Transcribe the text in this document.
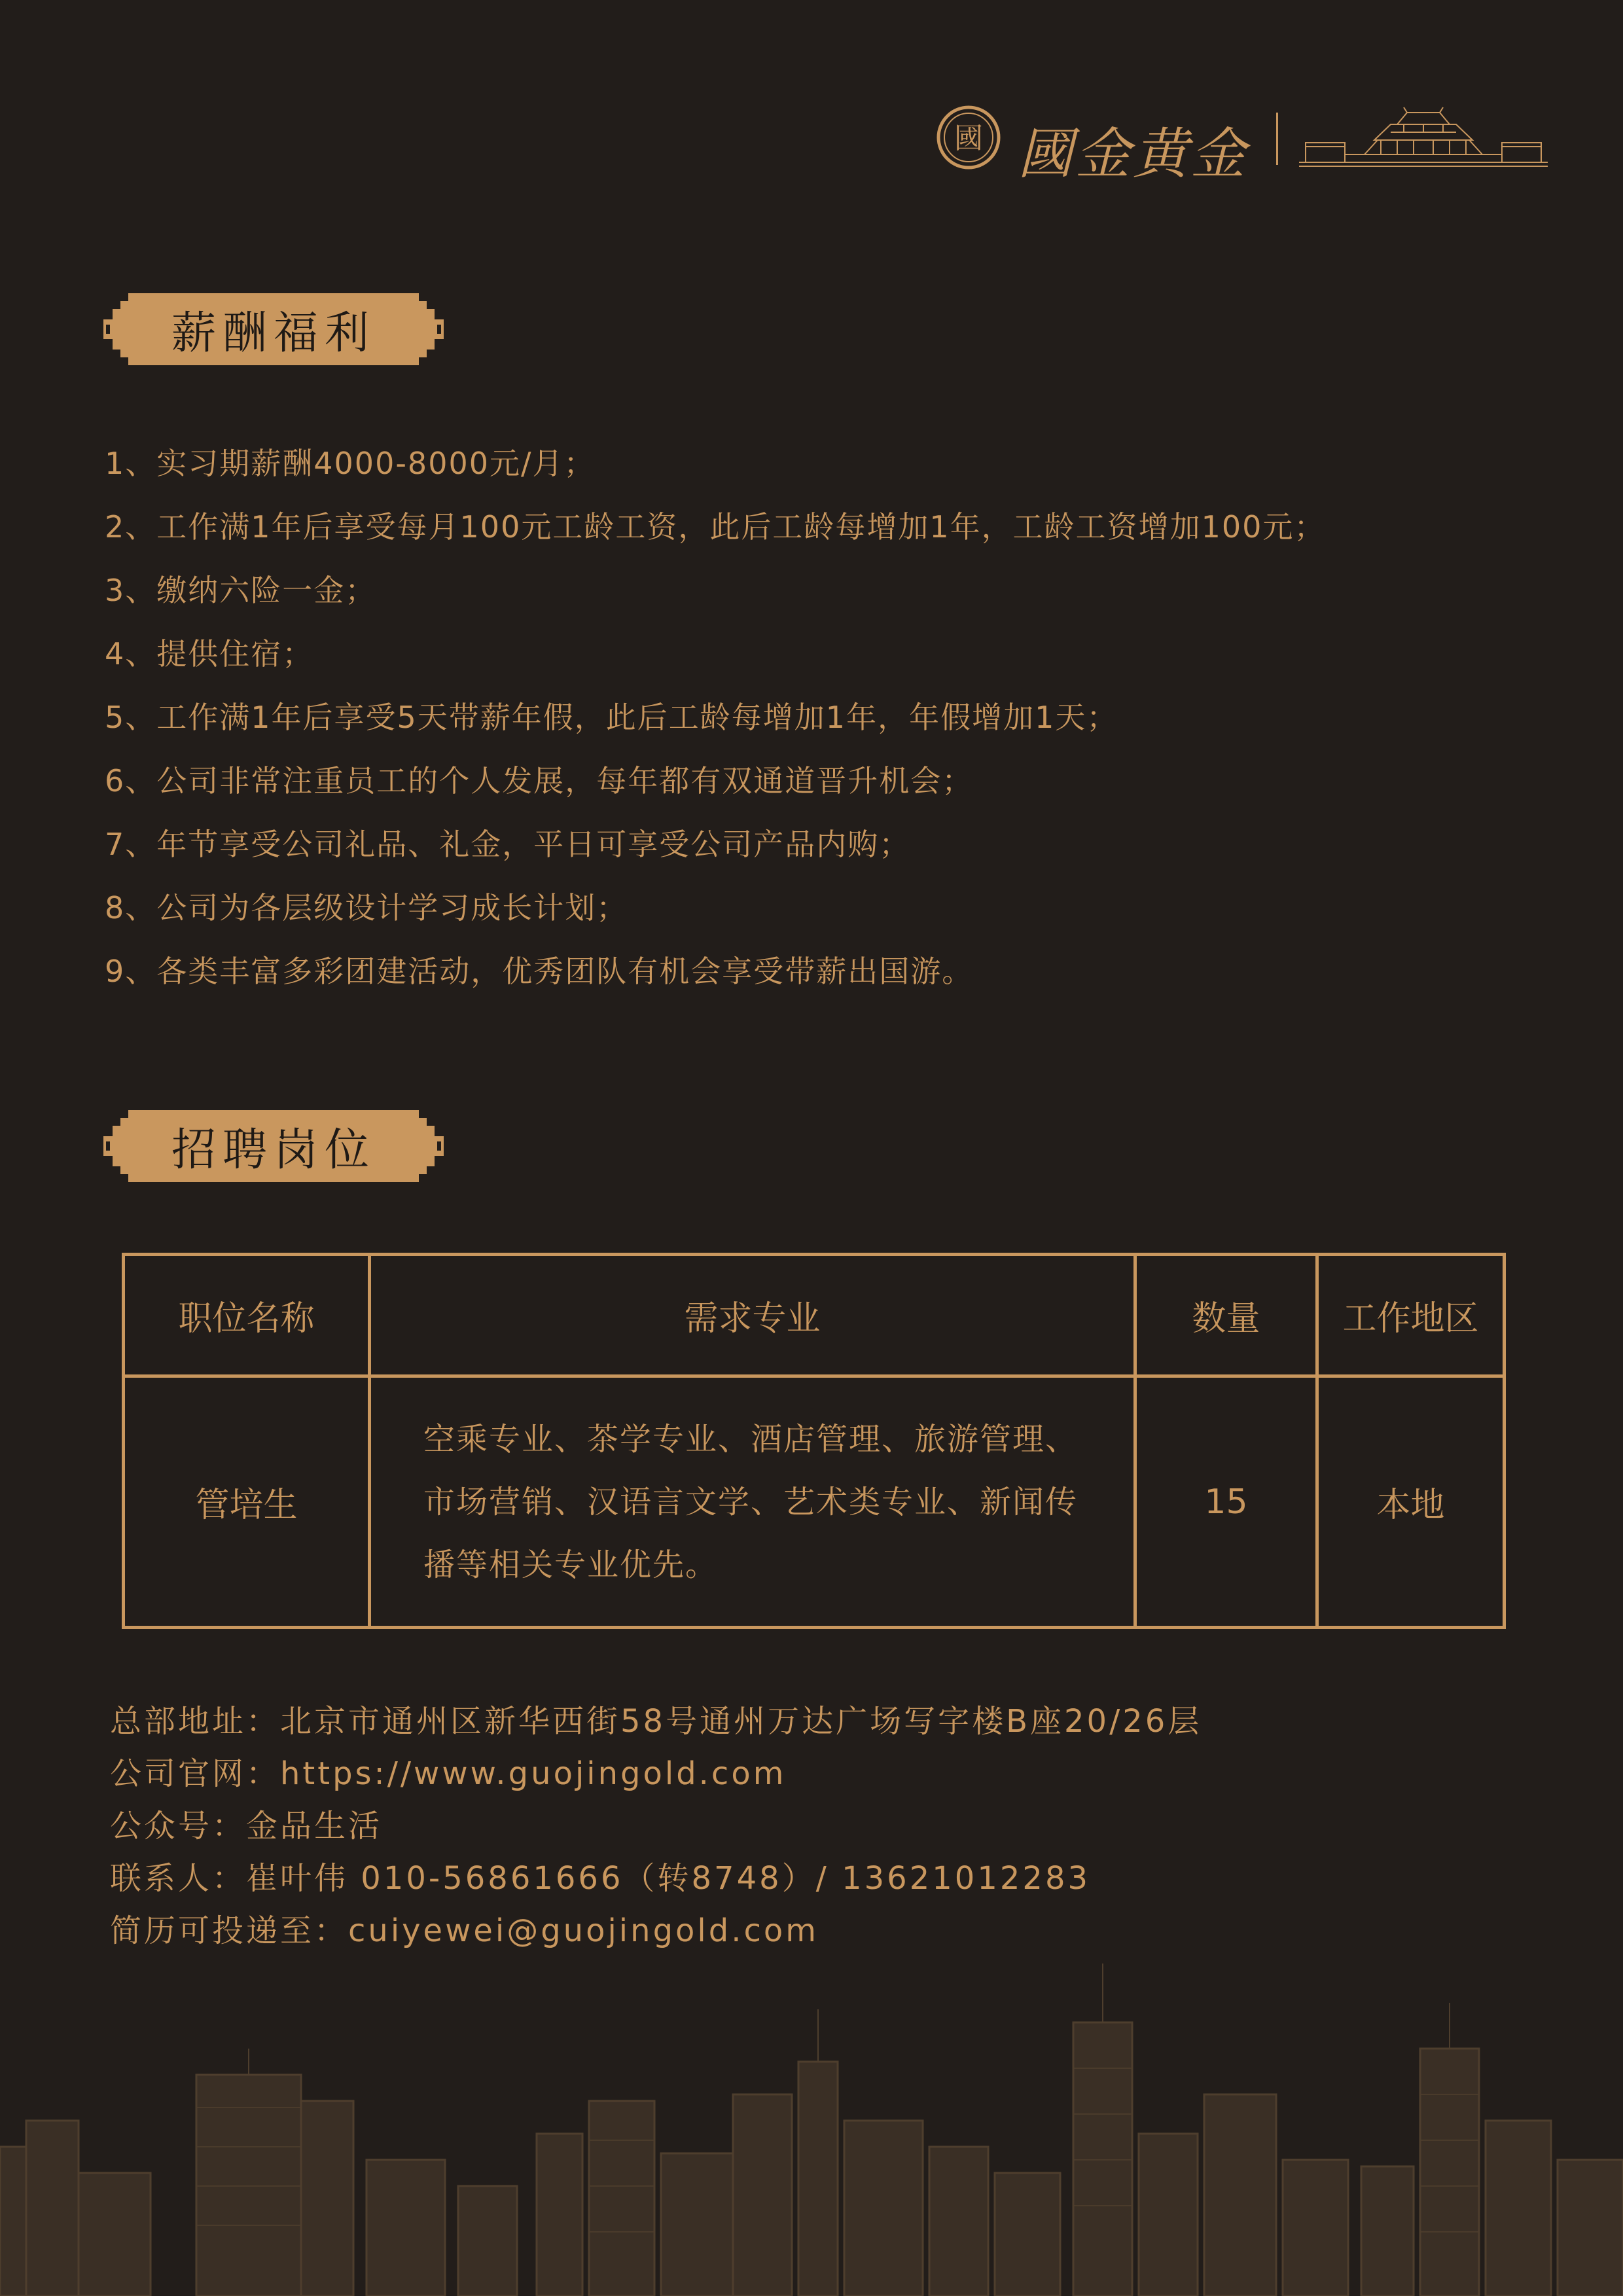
國 國金黄金
薪酬福利
1、实习期薪酬4000-8000元/月；
2、工作满1年后享受每月100元工龄工资，此后工龄每增加1年，工龄工资增加100元；
3、缴纳六险一金；
4、提供住宿；
5、工作满1年后享受5天带薪年假，此后工龄每增加1年，年假增加1天；
6、公司非常注重员工的个人发展，每年都有双通道晋升机会；
7、年节享受公司礼品、礼金，平日可享受公司产品内购；
8、公司为各层级设计学习成长计划；
9、各类丰富多彩团建活动，优秀团队有机会享受带薪出国游。
招聘岗位
职位名称	需求专业	数量	工作地区
管培生	空乘专业、茶学专业、酒店管理、旅游管理、
市场营销、汉语言文学、艺术类专业、新闻传
播等相关专业优先。	15	本地
总部地址：北京市通州区新华西街58号通州万达广场写字楼B座20/26层
公司官网：https://www.guojingold.com
公众号：金品生活
联系人：崔叶伟 010-56861666（转8748）/ 13621012283
简历可投递至：cuiyewei@guojingold.com
